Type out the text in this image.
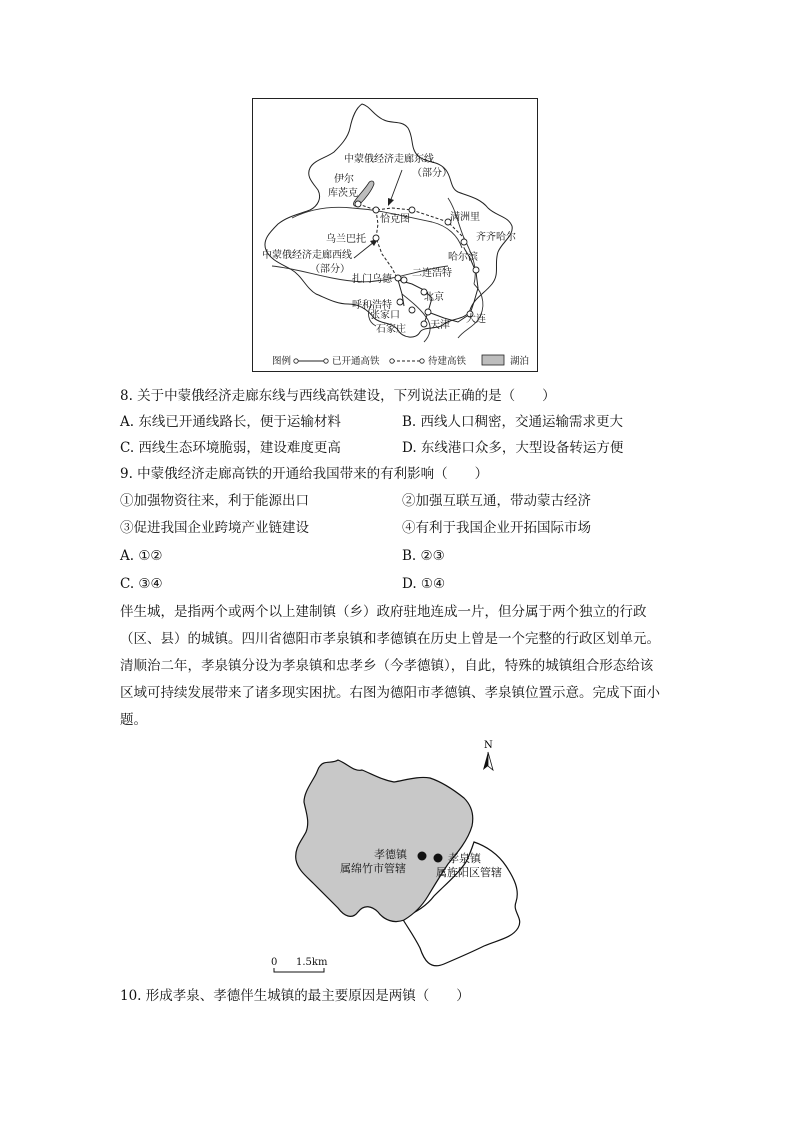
中蒙俄经济走廊东线
（部分）
伊尔
库茨克
恰克图	满洲里
齐齐哈尔
乌兰巴托
中蒙俄经济走廊西线
（部分）
哈尔滨
扎门乌德
二连浩特
呼和浩特
北京
张家口
天津
石家庄
大连
图例	已开通高铁	待建高铁	湖泊
8. 关于中蒙俄经济走廊东线与西线高铁建设，下列说法正确的是（　　）
A. 东线已开通线路长，便于运输材料	B. 西线人口稠密，交通运输需求更大
C. 西线生态环境脆弱，建设难度更高	D. 东线港口众多，大型设备转运方便
9. 中蒙俄经济走廊高铁的开通给我国带来的有利影响（　　）
①加强物资往来，利于能源出口	②加强互联互通，带动蒙古经济
③促进我国企业跨境产业链建设	④有利于我国企业开拓国际市场
A. ①②	B. ②③
C. ③④	D. ①④
伴生城，是指两个或两个以上建制镇（乡）政府驻地连成一片，但分属于两个独立的行政
（区、县）的城镇。四川省德阳市孝泉镇和孝德镇在历史上曾是一个完整的行政区划单元。
清顺治二年，孝泉镇分设为孝泉镇和忠孝乡（今孝德镇），自此，特殊的城镇组合形态给该
区域可持续发展带来了诸多现实困扰。右图为德阳市孝德镇、孝泉镇位置示意。完成下面小
题。
N
孝德镇
属绵竹市管辖
孝泉镇
属旌阳区管辖
0 1.5km
10. 形成孝泉、孝德伴生城镇的最主要原因是两镇（　　）
